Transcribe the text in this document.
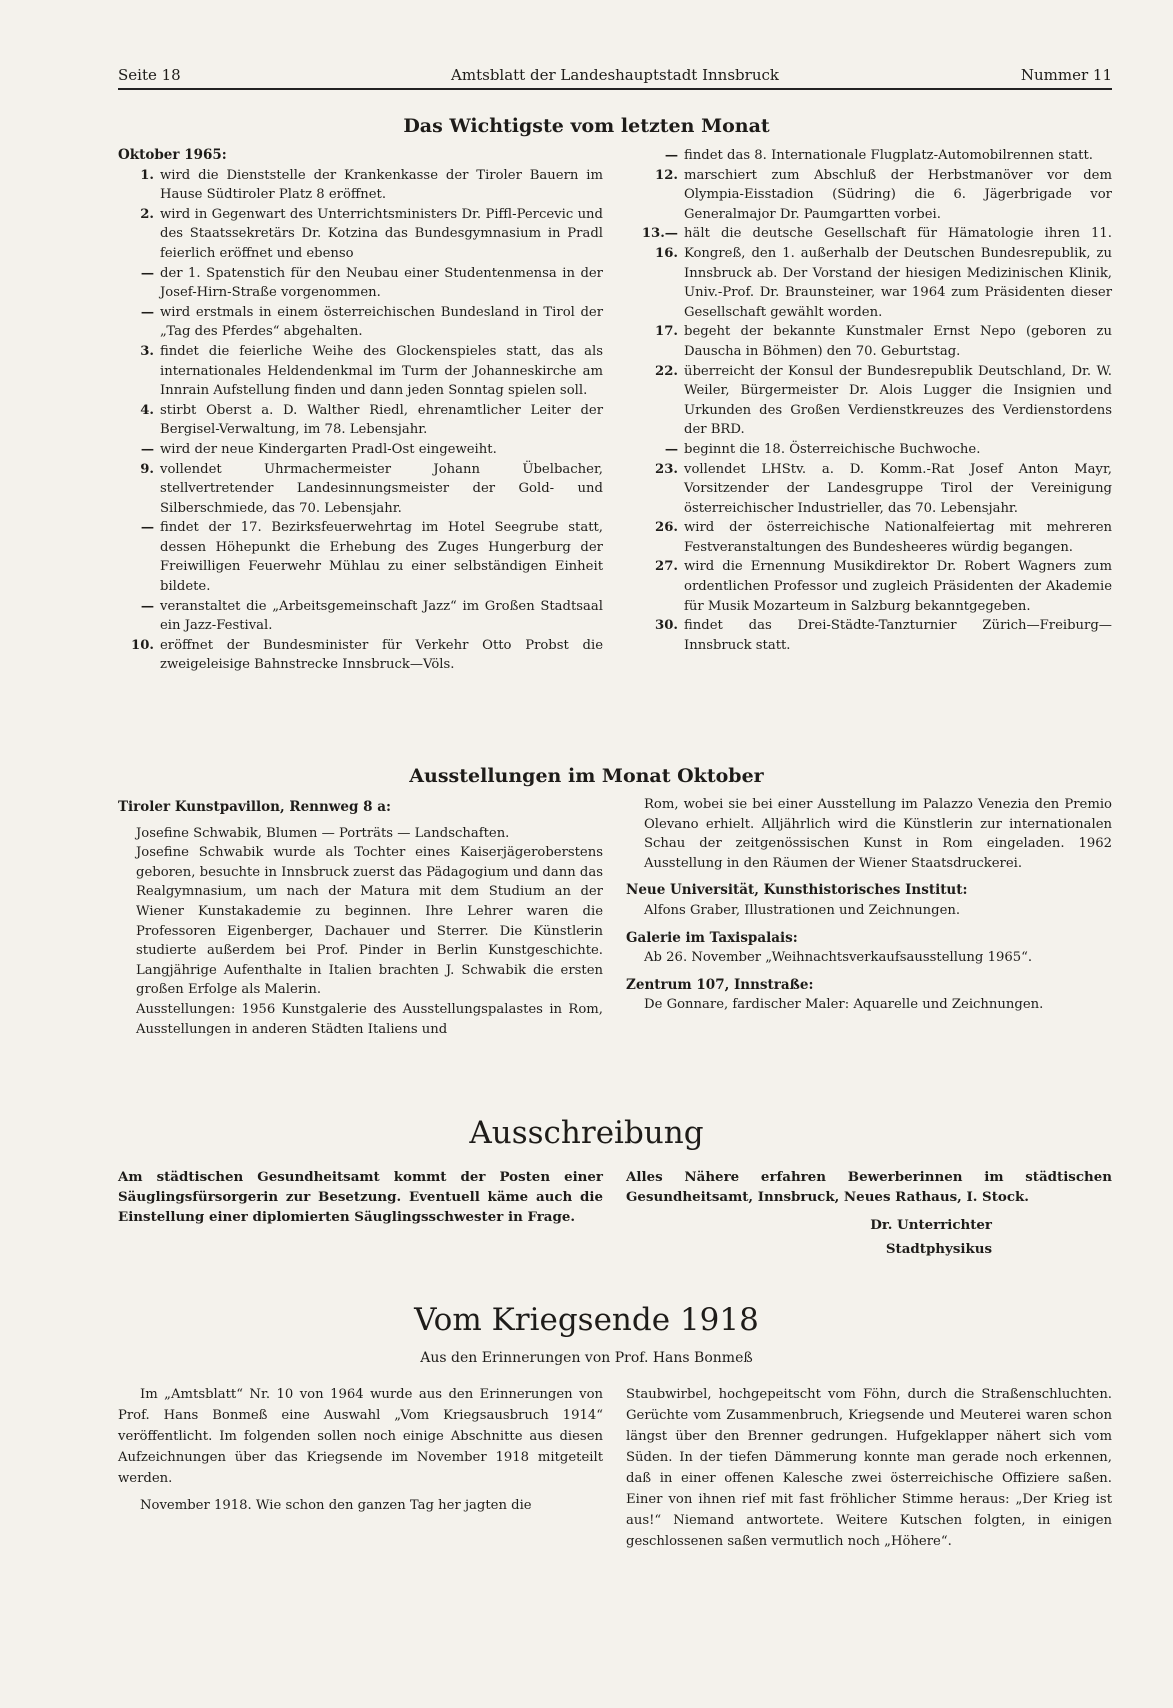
Seite 18	Amtsblatt der Landeshauptstadt Innsbruck	Nummer 11
Das Wichtigste vom letzten Monat
Oktober 1965:
1. wird die Dienststelle der Krankenkasse der Tiroler Bauern im Hause Südtiroler Platz 8 eröffnet.
2. wird in Gegenwart des Unterrichtsministers Dr. Piffl-Percevic und des Staatssekretärs Dr. Kotzina das Bundesgymnasium in Pradl feierlich eröffnet und ebenso
— der 1. Spatenstich für den Neubau einer Studentenmensa in der Josef-Hirn-Straße vorgenommen.
— wird erstmals in einem österreichischen Bundesland in Tirol der „Tag des Pferdes“ abgehalten.
3. findet die feierliche Weihe des Glockenspieles statt, das als internationales Heldendenkmal im Turm der Johanneskirche am Innrain Aufstellung finden und dann jeden Sonntag spielen soll.
4. stirbt Oberst a. D. Walther Riedl, ehrenamtlicher Leiter der Bergisel-Verwaltung, im 78. Lebensjahr.
— wird der neue Kindergarten Pradl-Ost eingeweiht.
9. vollendet Uhrmachermeister Johann Übelbacher, stellvertretender Landesinnungsmeister der Gold- und Silberschmiede, das 70. Lebensjahr.
— findet der 17. Bezirksfeuerwehrtag im Hotel Seegrube statt, dessen Höhepunkt die Erhebung des Zuges Hungerburg der Freiwilligen Feuerwehr Mühlau zu einer selbständigen Einheit bildete.
— veranstaltet die „Arbeitsgemeinschaft Jazz“ im Großen Stadtsaal ein Jazz-Festival.
10. eröffnet der Bundesminister für Verkehr Otto Probst die zweigeleisige Bahnstrecke Innsbruck—Völs.
— findet das 8. Internationale Flugplatz-Automobilrennen statt.
12. marschiert zum Abschluß der Herbstmanöver vor dem Olympia-Eisstadion (Südring) die 6. Jägerbrigade vor Generalmajor Dr. Paumgartten vorbei.
13.—16.
hält die deutsche Gesellschaft für Hämatologie ihren 11. Kongreß, den 1. außerhalb der Deutschen Bundesrepublik, zu Innsbruck ab. Der Vorstand der hiesigen Medizinischen Klinik, Univ.-Prof. Dr. Braunsteiner, war 1964 zum Präsidenten dieser Gesellschaft gewählt worden.
17. begeht der bekannte Kunstmaler Ernst Nepo (geboren zu Dauscha in Böhmen) den 70. Geburtstag.
22. überreicht der Konsul der Bundesrepublik Deutschland, Dr. W. Weiler, Bürgermeister Dr. Alois Lugger die Insignien und Urkunden des Großen Verdienstkreuzes des Verdienstordens der BRD.
— beginnt die 18. Österreichische Buchwoche.
23. vollendet LHStv. a. D. Komm.-Rat Josef Anton Mayr, Vorsitzender der Landesgruppe Tirol der Vereinigung österreichischer Industrieller, das 70. Lebensjahr.
26. wird der österreichische Nationalfeiertag mit mehreren Festveranstaltungen des Bundesheeres würdig begangen.
27. wird die Ernennung Musikdirektor Dr. Robert Wagners zum ordentlichen Professor und zugleich Präsidenten der Akademie für Musik Mozarteum in Salzburg bekanntgegeben.
30. findet das Drei-Städte-Tanzturnier Zürich—Freiburg—Innsbruck statt.
Ausstellungen im Monat Oktober
Tiroler Kunstpavillon, Rennweg 8 a:
Josefine Schwabik, Blumen — Porträts — Landschaften.
Josefine Schwabik wurde als Tochter eines Kaiserjägeroberstens geboren, besuchte in Innsbruck zuerst das Pädagogium und dann das Realgymnasium, um nach der Matura mit dem Studium an der Wiener Kunstakademie zu beginnen. Ihre Lehrer waren die Professoren Eigenberger, Dachauer und Sterrer. Die Künstlerin studierte außerdem bei Prof. Pinder in Berlin Kunstgeschichte. Langjährige Aufenthalte in Italien brachten J. Schwabik die ersten großen Erfolge als Malerin.
Ausstellungen: 1956 Kunstgalerie des Ausstellungspalastes in Rom, Ausstellungen in anderen Städten Italiens und
Rom, wobei sie bei einer Ausstellung im Palazzo Venezia den Premio Olevano erhielt. Alljährlich wird die Künstlerin zur internationalen Schau der zeitgenössischen Kunst in Rom eingeladen. 1962 Ausstellung in den Räumen der Wiener Staatsdruckerei.
Neue Universität, Kunsthistorisches Institut:
Alfons Graber, Illustrationen und Zeichnungen.
Galerie im Taxispalais:
Ab 26. November „Weihnachtsverkaufsausstellung 1965“.
Zentrum 107, Innstraße:
De Gonnare, fardischer Maler: Aquarelle und Zeichnungen.
Ausschreibung
Am städtischen Gesundheitsamt kommt der Posten einer Säuglingsfürsorgerin zur Besetzung. Eventuell käme auch die Einstellung einer diplomierten Säuglingsschwester in Frage.
Alles Nähere erfahren Bewerberinnen im städtischen Gesundheitsamt, Innsbruck, Neues Rathaus, I. Stock.
Dr. Unterrichter
Stadtphysikus
Vom Kriegsende 1918
Aus den Erinnerungen von Prof. Hans Bonmeß
Im „Amtsblatt“ Nr. 10 von 1964 wurde aus den Erinnerungen von Prof. Hans Bonmeß eine Auswahl „Vom Kriegsausbruch 1914“ veröffentlicht. Im folgenden sollen noch einige Abschnitte aus diesen Aufzeichnungen über das Kriegsende im November 1918 mitgeteilt werden.
November 1918. Wie schon den ganzen Tag her jagten die
Staubwirbel, hochgepeitscht vom Föhn, durch die Straßenschluchten. Gerüchte vom Zusammenbruch, Kriegsende und Meuterei waren schon längst über den Brenner gedrungen. Hufgeklapper nähert sich vom Süden. In der tiefen Dämmerung konnte man gerade noch erkennen, daß in einer offenen Kalesche zwei österreichische Offiziere saßen. Einer von ihnen rief mit fast fröhlicher Stimme heraus: „Der Krieg ist aus!“ Niemand antwortete. Weitere Kutschen folgten, in einigen geschlossenen saßen vermutlich noch „Höhere“.
